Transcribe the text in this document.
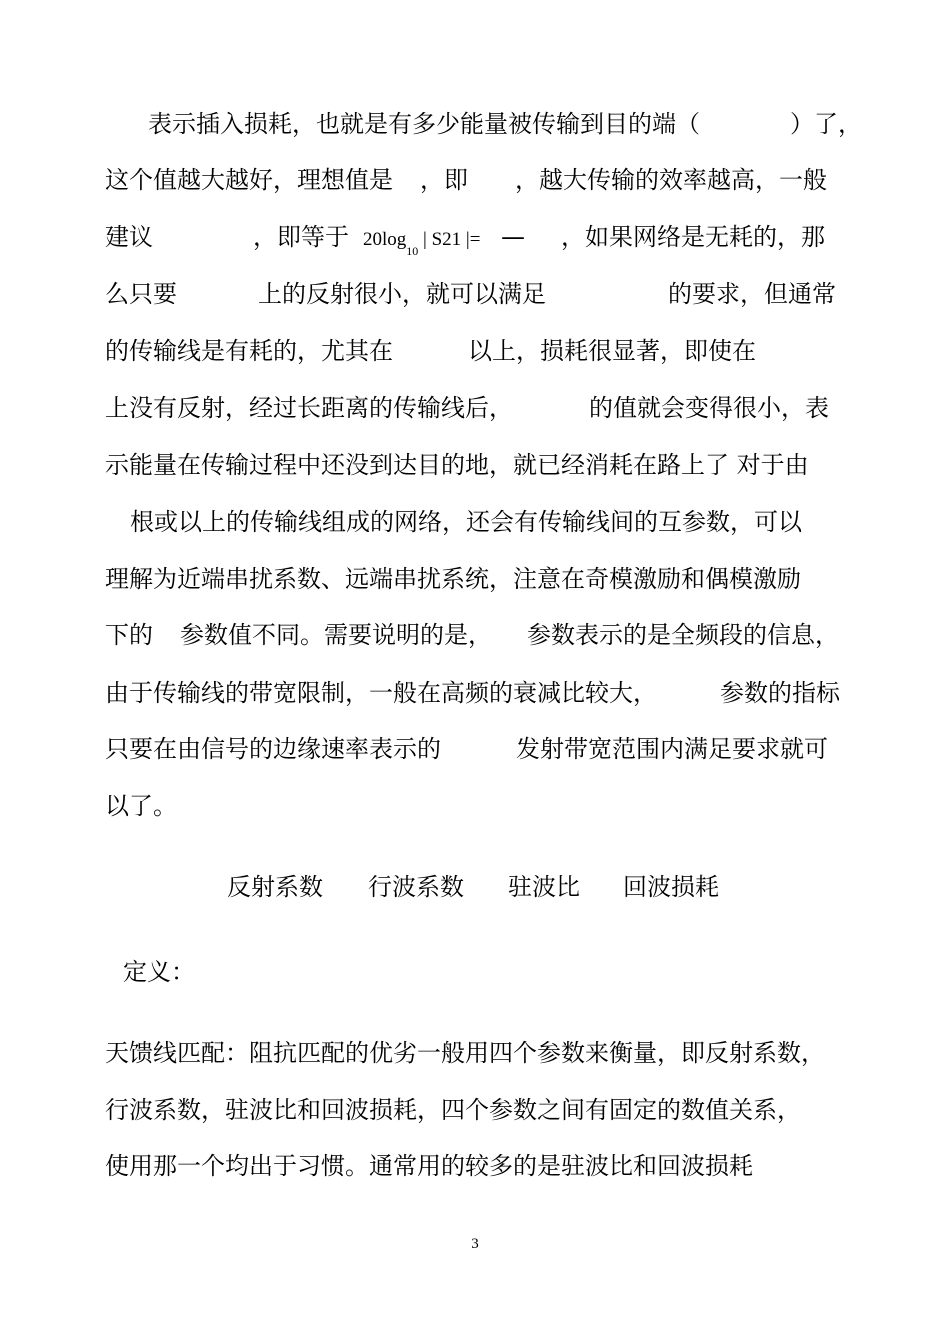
表示插入损耗，也就是有多少能量被传输到目的端（	）了，
这个值越大越好，理想值是 ，即 ，越大传输的效率越高，一般
建议	，即等于 $20\log_{10}$ | S21 |= — ，如果网络是无耗的，那
么只要	上的反射很小，就可以满足	的要求，但通常
的传输线是有耗的，尤其在	以上，损耗很显著，即使在
上没有反射，经过长距离的传输线后，	的值就会变得很小，表
示能量在传输过程中还没到达目的地，就已经消耗在路上了 对于由
根或以上的传输线组成的网络，还会有传输线间的互参数，可以
理解为近端串扰系数、远端串扰系统，注意在奇模激励和偶模激励
下的 参数值不同。需要说明的是， 参数表示的是全频段的信息，
由于传输线的带宽限制，一般在高频的衰减比较大，	参数的指标
只要在由信号的边缘速率表示的	发射带宽范围内满足要求就可
以了。
反射系数 行波系数 驻波比 回波损耗
定义：
天馈线匹配：阻抗匹配的优劣一般用四个参数来衡量，即反射系数，
行波系数，驻波比和回波损耗，四个参数之间有固定的数值关系，
使用那一个均出于习惯。通常用的较多的是驻波比和回波损耗
3
